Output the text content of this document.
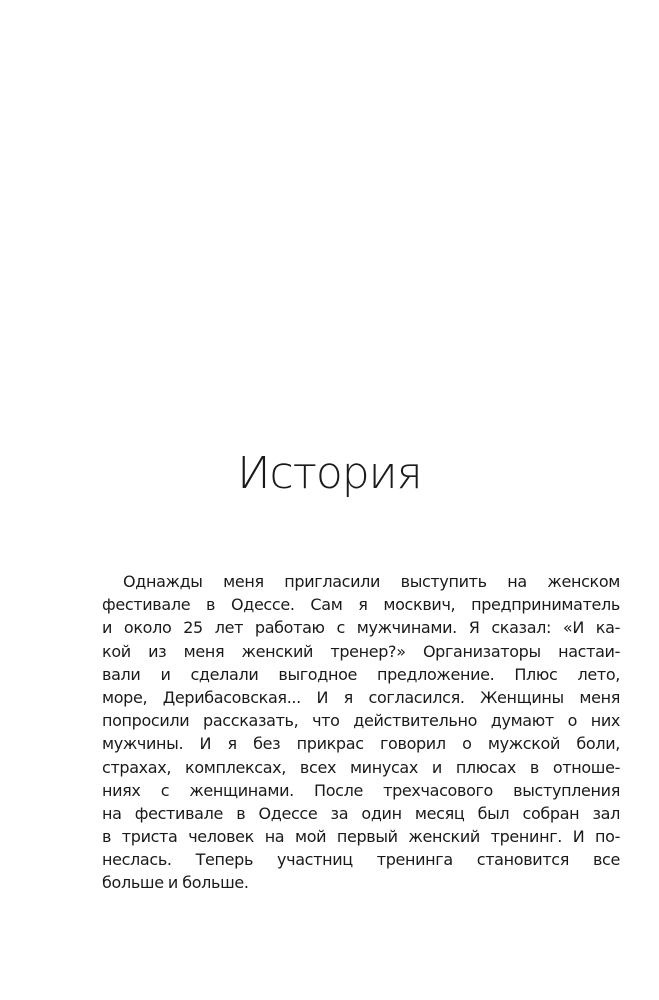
История
Однажды меня пригласили выступить на женском
фестивале в Одессе. Сам я москвич, предприниматель
и около 25 лет работаю с мужчинами. Я сказал: «И ка-
кой из меня женский тренер?» Организаторы настаи-
вали и сделали выгодное предложение. Плюс лето,
море, Дерибасовская... И я согласился. Женщины меня
попросили рассказать, что действительно думают о них
мужчины. И я без прикрас говорил о мужской боли,
страхах, комплексах, всех минусах и плюсах в отноше-
ниях с женщинами. После трехчасового выступления
на фестивале в Одессе за один месяц был собран зал
в триста человек на мой первый женский тренинг. И по-
неслась. Теперь участниц тренинга становится все
больше и больше.
